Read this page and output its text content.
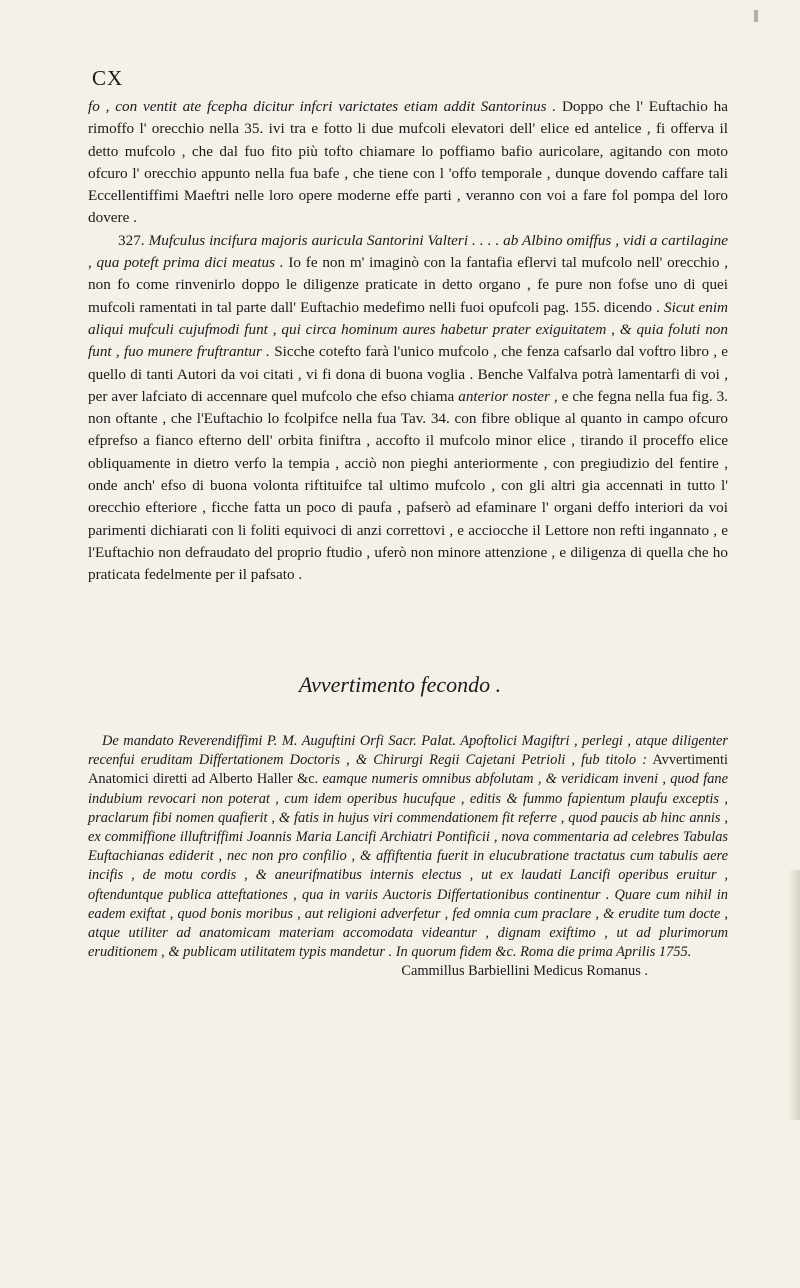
CX

fo , con ventit ate fcepha dicitur infcri varictates etiam addit Santorinus . Doppo che l' Euftachio ha rimoffo l' orecchio nella 35. ivi tra e fotto li due mufcoli elevatori dell' elice ed antelice , fi offerva il detto mufcolo , che dal fuo fito più tofto chiamare lo poffiamo bafio auricolare, agitando con moto ofcuro l' orecchio appunto nella fua bafe , che tiene con l 'offo temporale , dunque dovendo caffare tali Eccellentiffimi Maeftri nelle loro opere moderne effe parti , veranno con voi a fare fol pompa del loro dovere .

327. Mufculus incifura majoris auricula Santorini Valteri . . . . ab Albino omiffus , vidi a cartilagine , qua poteft prima dici meatus . Io fe non m' imaginò con la fantafia eflervi tal mufcolo nell' orecchio , non fo come rinvenirlo doppo le diligenze praticate in detto organo , fe pure non fofse uno di quei mufcoli ramentati in tal parte dall' Euftachio medefimo nelli fuoi opufcoli pag. 155. dicendo . Sicut enim aliqui mufculi cujufmodi funt , qui circa hominum aures habetur prater exiguitatem , & quia foluti non funt , fuo munere fruftrantur . Sicche cotefto farà l'unico mufcolo , che fenza cafsarlo dal voftro libro , e quello di tanti Autori da voi citati , vi fi dona di buona voglia . Benche Valfalva potrà lamentarfi di voi , per aver lafciato di accennare quel mufcolo che efso chiama anterior noster , e che fegna nella fua fig. 3. non oftante , che l'Euftachio lo fcolpifce nella fua Tav. 34. con fibre oblique al quanto in campo ofcuro efprefso a fianco efterno dell' orbita finiftra , accofto il mufcolo minor elice , tirando il proceffo elice obliquamente in dietro verfo la tempia , acciò non pieghi anteriormente , con pregiudizio del fentire , onde anch' efso di buona volonta riftituifce tal ultimo mufcolo , con gli altri gia accennati in tutto l' orecchio efteriore , ficche fatta un poco di paufa , pafserò ad efaminare l' organi deffo interiori da voi parimenti dichiarati con li foliti equivoci di anzi correttovi , e acciocche il Lettore non refti ingannato , e l'Euftachio non defraudato del proprio ftudio , uferò non minore attenzione , e diligenza di quella che ho praticata fedelmente per il pafsato .

Avvertimento fecondo .

De mandato Reverendiffimi P. M. Auguftini Orfi Sacr. Palat. Apoftolici Magiftri , perlegi , atque diligenter recenfui eruditam Differtationem Doctoris , & Chirurgi Regii Cajetani Petrioli , fub titolo : Avvertimenti Anatomici diretti ad Alberto Haller &c. eamque numeris omnibus abfolutam , & veridicam inveni , quod fane indubium revocari non poterat , cum idem operibus hucufque , editis & fummo fapientum plaufu exceptis , praclarum fibi nomen quafierit , & fatis in hujus viri commendationem fit referre , quod paucis ab hinc annis , ex commiffione illuftriffimi Joannis Maria Lancifi Archiatri Pontificii , nova commentaria ad celebres Tabulas Euftachianas ediderit , nec non pro confilio , & affiftentia fuerit in elucubratione tractatus cum tabulis aere incifis , de motu cordis , & aneurifmatibus internis electus , ut ex laudati Lancifi operibus eruitur , oftenduntque publica atteftationes , qua in variis Auctoris Differtationibus continentur . Quare cum nihil in eadem exiftat , quod bonis moribus , aut religioni adverfetur , fed omnia cum praclare , & erudite tum docte , atque utiliter ad anatomicam materiam accomodata videantur , dignam exiftimo , ut ad plurimorum eruditionem , & publicam utilitatem typis mandetur . In quorum fidem &c. Roma die prima Aprilis 1755.

Cammillus Barbiellini Medicus Romanus .
